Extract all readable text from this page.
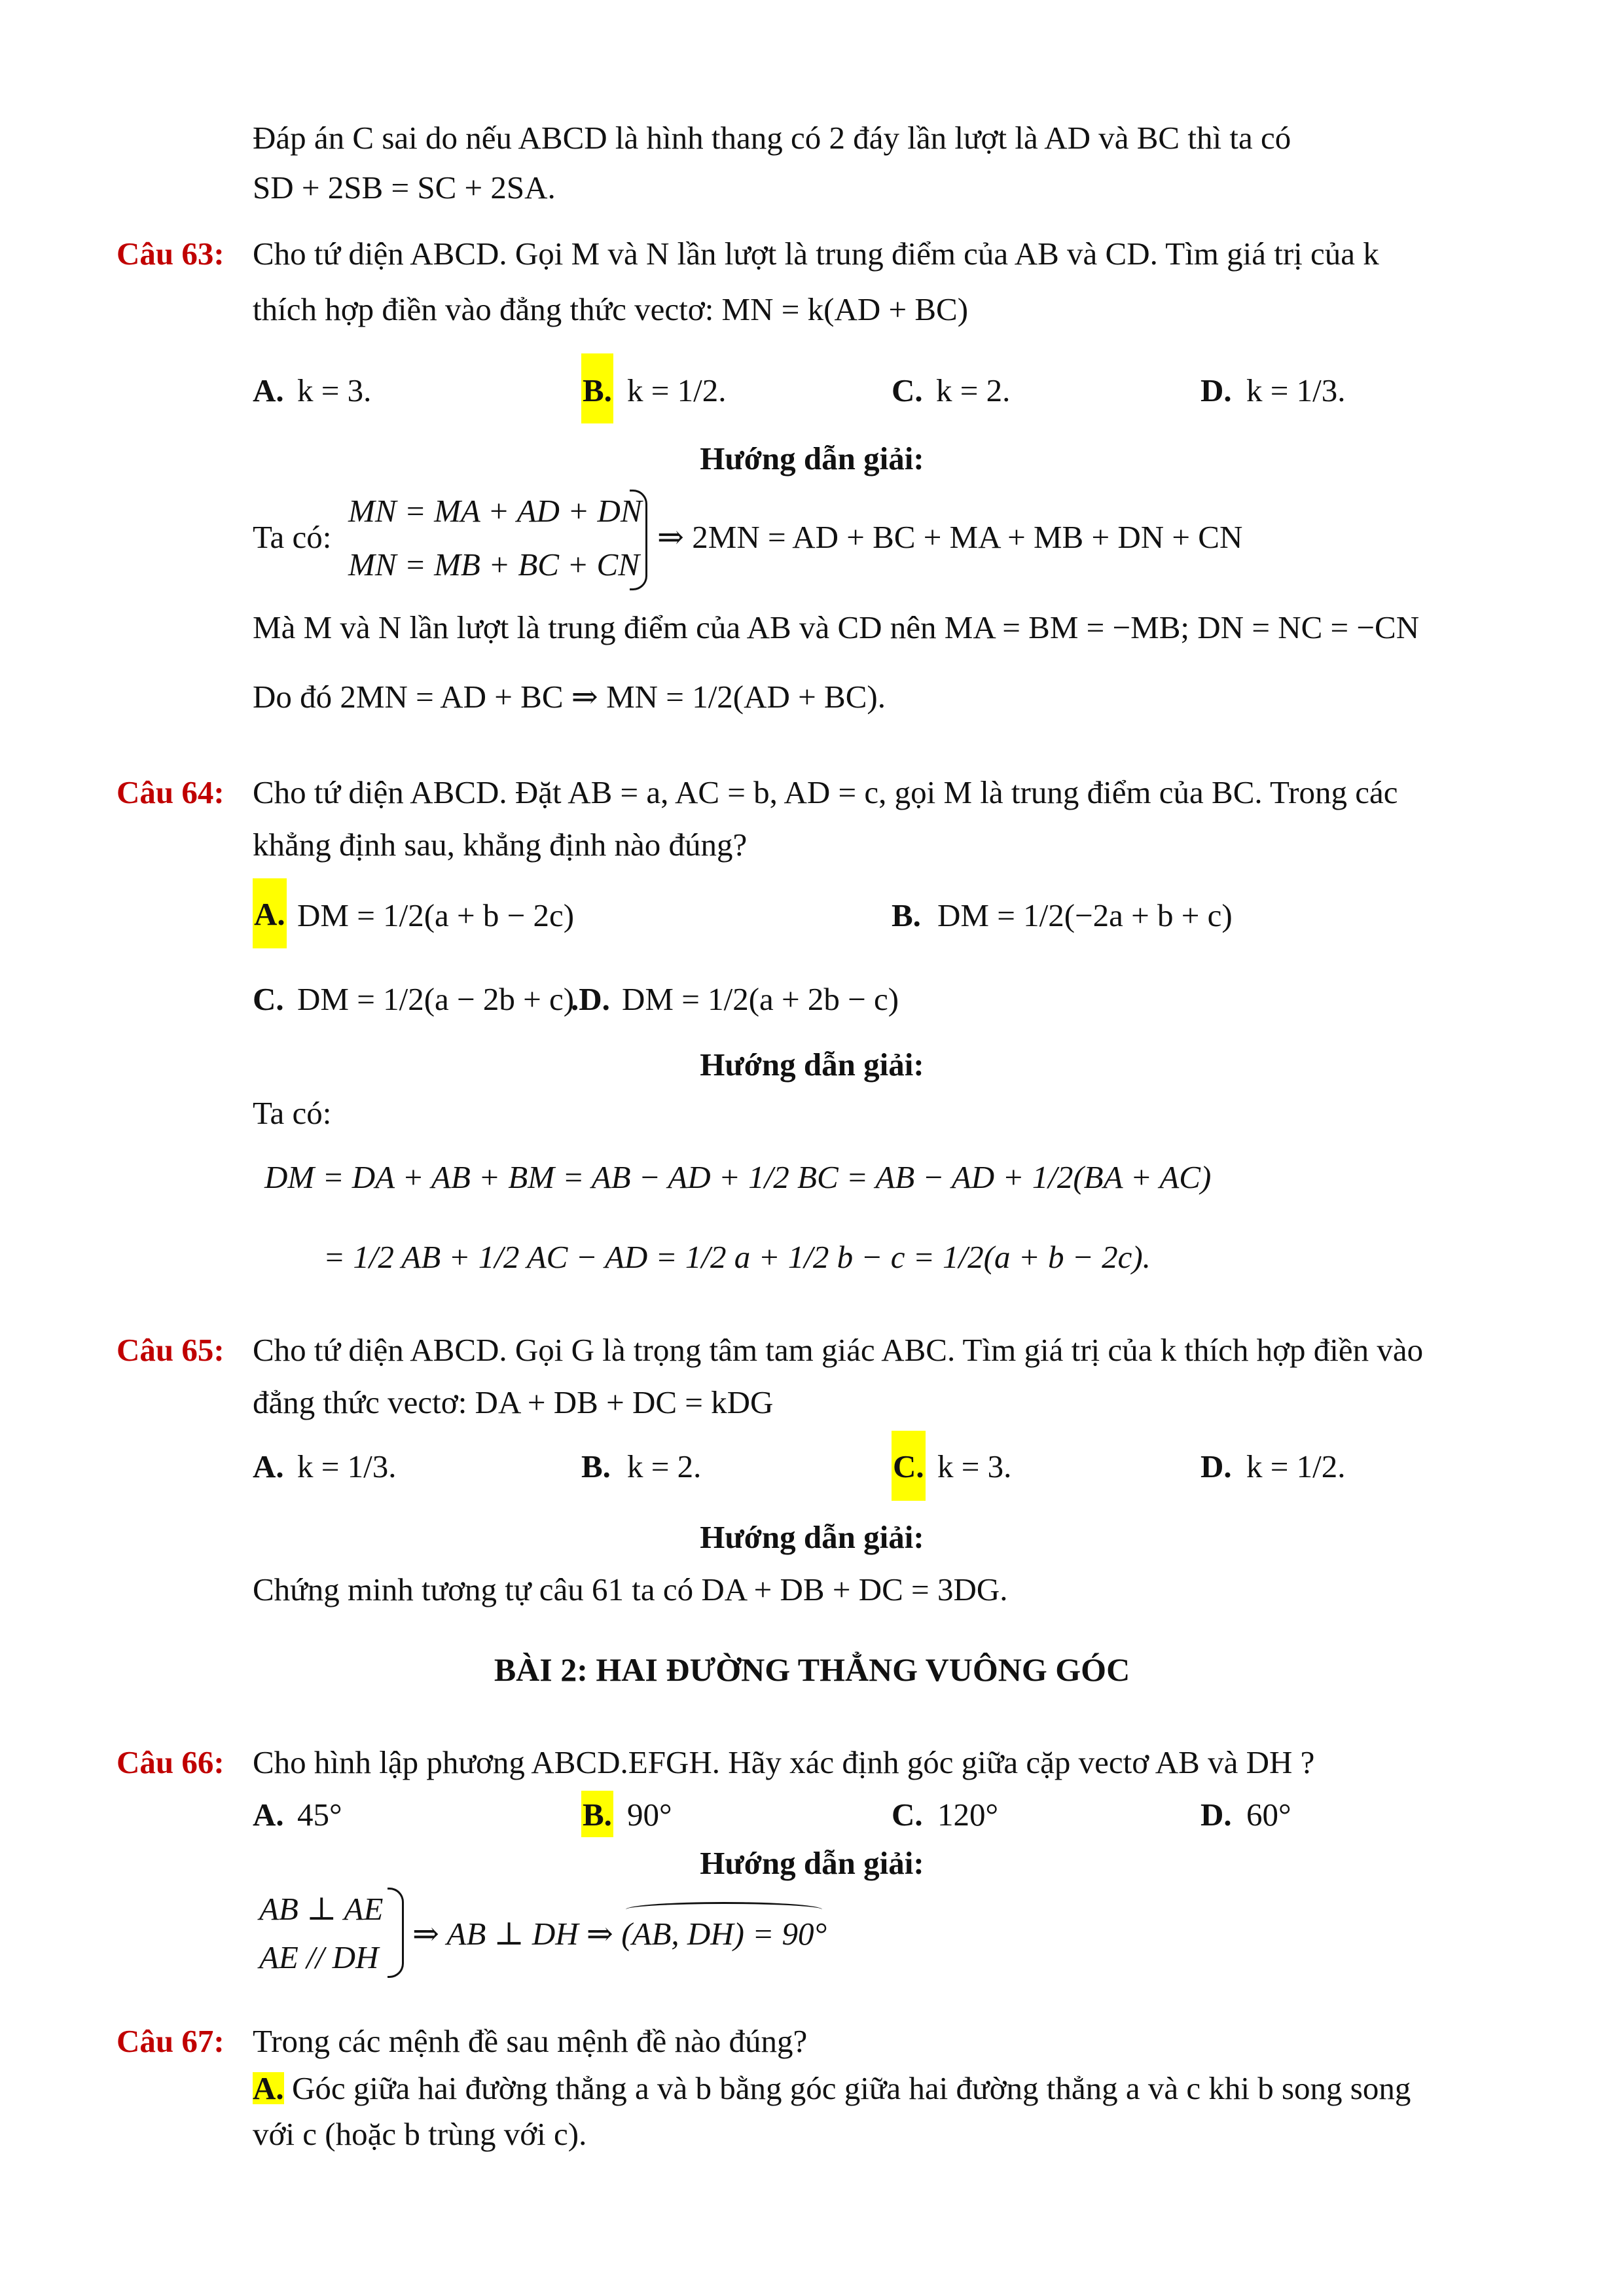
Đáp án C sai do nếu ABCD là hình thang có 2 đáy lần lượt là AD và BC thì ta có
SD + 2SB = SC + 2SA.
Câu 63: Cho tứ diện ABCD. Gọi M và N lần lượt là trung điểm của AB và CD. Tìm giá trị của k
thích hợp điền vào đẳng thức vectơ: MN = k(AD + BC)
A. k = 3.	B. k = 1/2.	C. k = 2.	D. k = 1/3.
Hướng dẫn giải:
Ta có:
MN = MA + AD + DN
MN = MB + BC + CN
⇒ 2MN = AD + BC + MA + MB + DN + CN
Mà M và N lần lượt là trung điểm của AB và CD nên MA = BM = −MB; DN = NC = −CN
Do đó 2MN = AD + BC ⇒ MN = 1/2(AD + BC).
Câu 64: Cho tứ diện ABCD. Đặt AB = a, AC = b, AD = c, gọi M là trung điểm của BC. Trong các
khẳng định sau, khẳng định nào đúng?
A. DM = 1/2(a + b − 2c)	B. DM = 1/2(−2a + b + c)
C. DM = 1/2(a − 2b + c)
.D. DM = 1/2(a + 2b − c)
Hướng dẫn giải:
Ta có:
DM = DA + AB + BM = AB − AD + 1/2 BC = AB − AD + 1/2(BA + AC)
= 1/2 AB + 1/2 AC − AD = 1/2 a + 1/2 b − c = 1/2(a + b − 2c).
Câu 65: Cho tứ diện ABCD. Gọi G là trọng tâm tam giác ABC. Tìm giá trị của k thích hợp điền vào
đẳng thức vectơ: DA + DB + DC = kDG
A. k = 1/3.	B. k = 2.	C. k = 3.	D. k = 1/2.
Hướng dẫn giải:
Chứng minh tương tự câu 61 ta có DA + DB + DC = 3DG.
BÀI 2: HAI ĐƯỜNG THẲNG VUÔNG GÓC
Câu 66: Cho hình lập phương ABCD.EFGH. Hãy xác định góc giữa cặp vectơ AB và DH ?
A. 45°	B. 90°	C. 120°	D. 60°
Hướng dẫn giải:
AB ⊥ AE
AE // DH
⇒ AB ⊥ DH ⇒ (AB, DH) = 90°
Câu 67: Trong các mệnh đề sau mệnh đề nào đúng?
A. Góc giữa hai đường thẳng a và b bằng góc giữa hai đường thẳng a và c khi b song song
với c (hoặc b trùng với c).
